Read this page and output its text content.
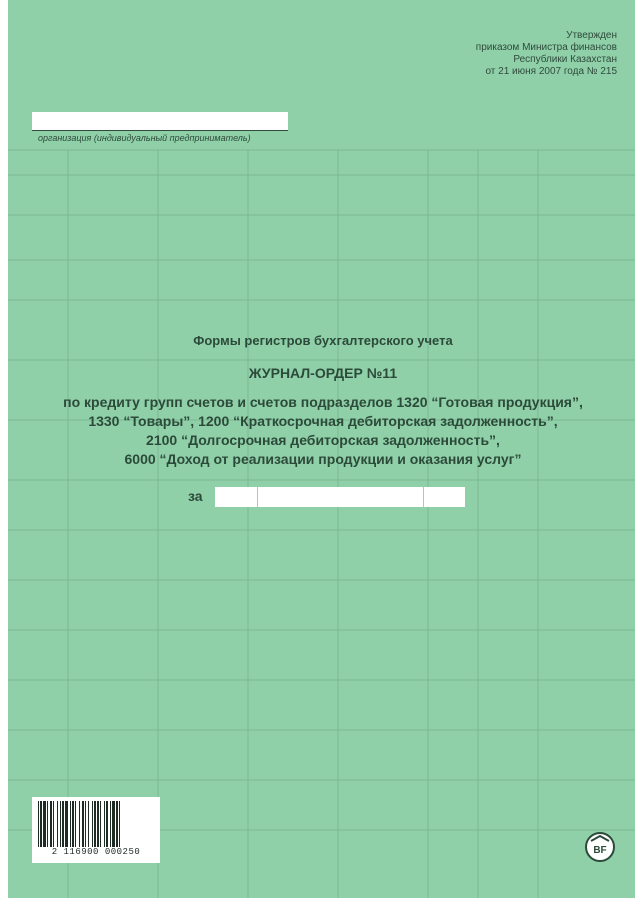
Утвержден
приказом Министра финансов
Республики Казахстан
от 21 июня 2007 года № 215
организация (индивидуальный предприниматель)
Формы регистров бухгалтерского учета
ЖУРНАЛ-ОРДЕР №11
по кредиту групп счетов и счетов подразделов 1320 “Готовая продукция”,
1330 “Товары”, 1200 “Краткосрочная дебиторская задолженность”,
2100 “Долгосрочная дебиторская задолженность”,
6000 “Доход от реализации продукции и оказания услуг”
за
2 116900 000250	BF
